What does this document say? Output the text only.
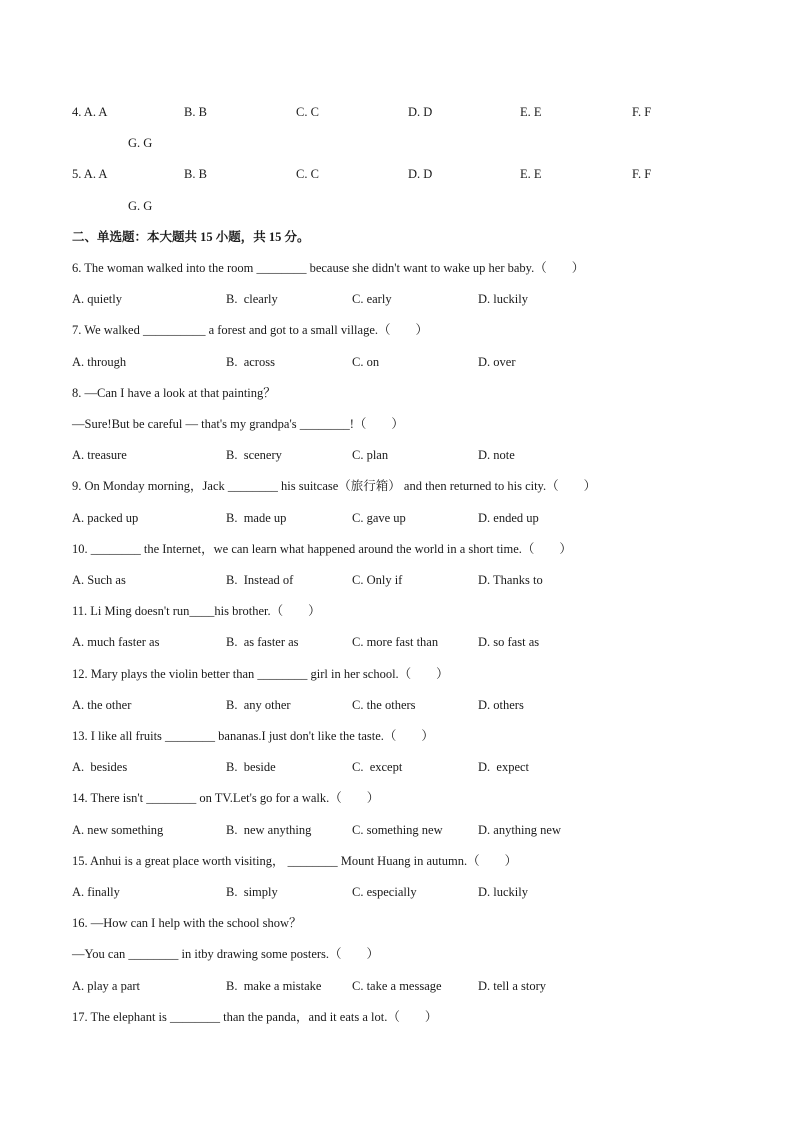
4. A. A	B. B	C. C	D. D	E. E	F. F
G. G
5. A. A	B. B	C. C	D. D	E. E	F. F
G. G
二、单选题：本大题共 15 小题，共 15 分。
6. The woman walked into the room ________ because she didn't want to wake up her baby.（　　）
A. quietly	B.  clearly	C. early	D. luckily
7. We walked __________ a forest and got to a small village.（　　）
A. through	B.  across	C. on	D. over
8. —Can I have a look at that painting？
—Sure!But be careful — that's my grandpa's ________!（　　）
A. treasure	B.  scenery	C. plan	D. note
9. On Monday morning，Jack ________ his suitcase（旅行箱） and then returned to his city.（　　）
A. packed up	B.  made up	C. gave up	D. ended up
10. ________ the Internet，we can learn what happened around the world in a short time.（　　）
A. Such as	B.  Instead of	C. Only if	D. Thanks to
11. Li Ming doesn't run____his brother.（　　）
A. much faster as	B.  as faster as	C. more fast than	D. so fast as
12. Mary plays the violin better than ________ girl in her school.（　　）
A. the other	B.  any other	C. the others	D. others
13. I like all fruits ________ bananas.I just don't like the taste.（　　）
A.  besides	B.  beside	C.  except	D.  expect
14. There isn't ________ on TV.Let's go for a walk.（　　）
A. new something	B.  new anything	C. something new	D. anything new
15. Anhui is a great place worth visiting， ________ Mount Huang in autumn.（　　）
A. finally	B.  simply	C. especially	D. luckily
16. —How can I help with the school show？
—You can ________ in itby drawing some posters.（　　）
A. play a part	B.  make a mistake C. take a message	D. tell a story
17. The elephant is ________ than the panda，and it eats a lot.（　　）
